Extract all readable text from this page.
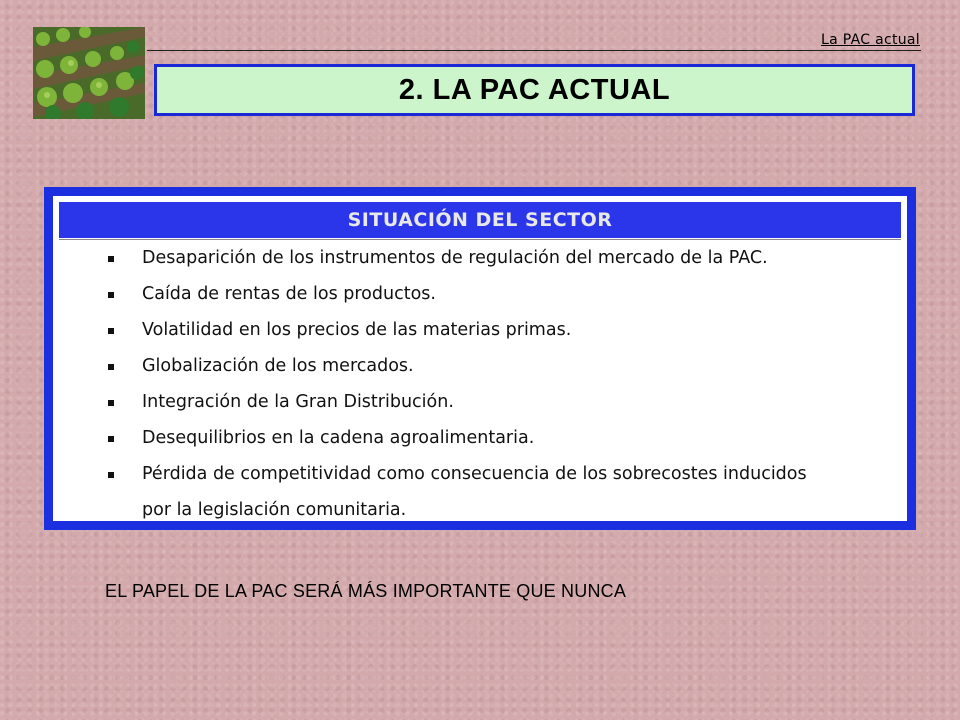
La PAC actual
2. LA PAC ACTUAL
SITUACIÓN DEL SECTOR
Desaparición de los instrumentos de regulación del mercado de la PAC.
Caída de rentas de los productos.
Volatilidad en los precios de las materias primas.
Globalización de los mercados.
Integración de la Gran Distribución.
Desequilibrios en la cadena agroalimentaria.
Pérdida de competitividad como consecuencia de los sobrecostes inducidos
por la legislación comunitaria.
EL PAPEL DE LA PAC SERÁ MÁS IMPORTANTE QUE NUNCA
